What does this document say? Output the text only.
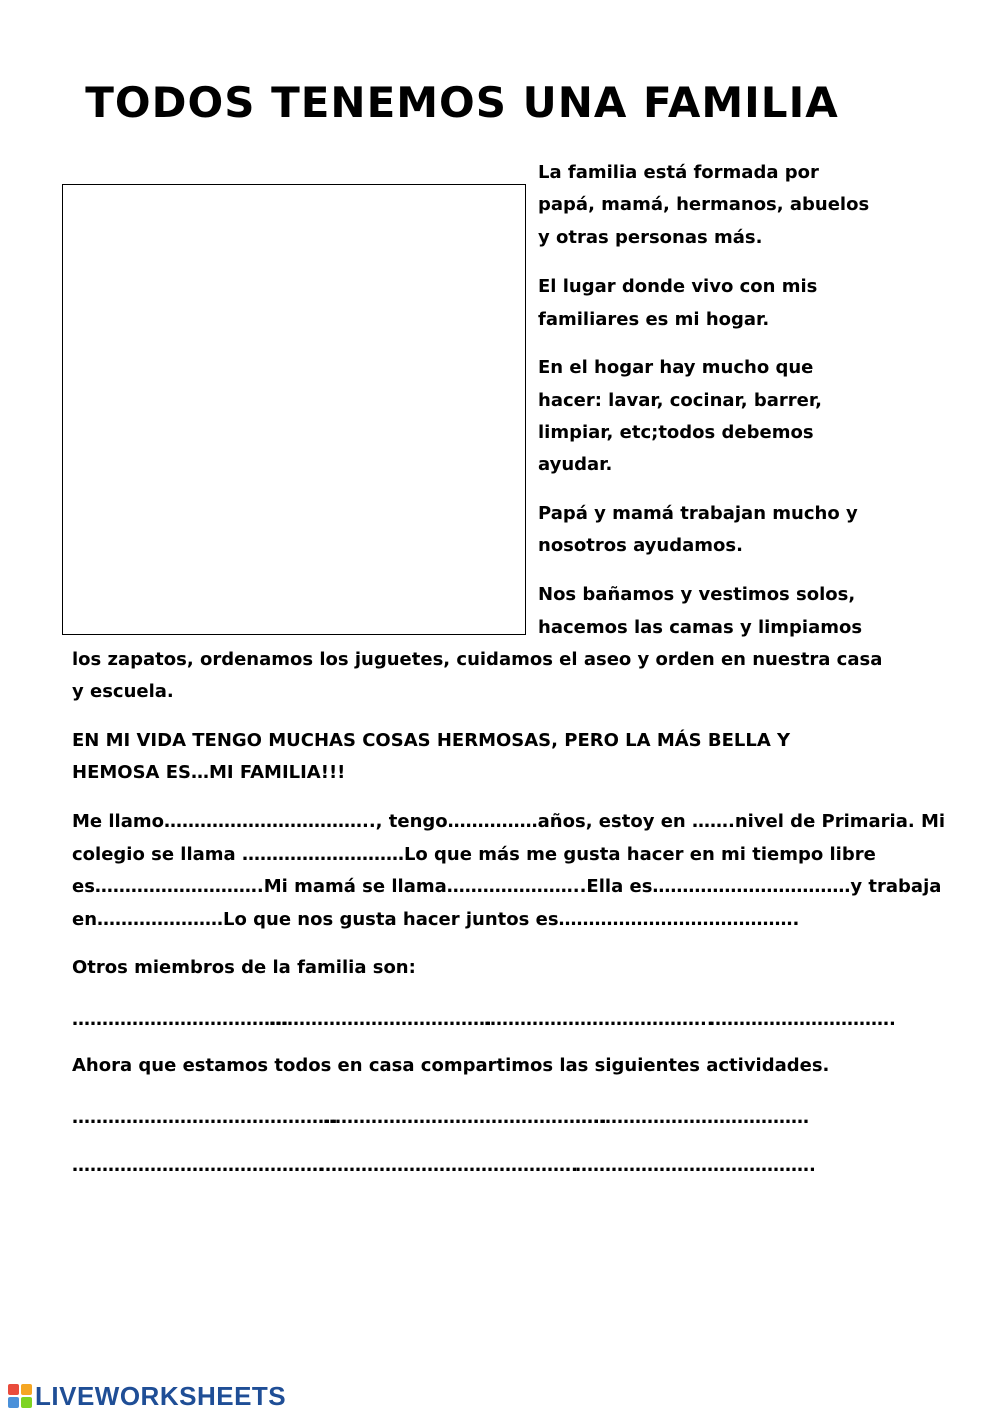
TODOS TENEMOS UNA FAMILIA
La familia está formada por
papá, mamá, hermanos, abuelos
y otras personas más.
El lugar donde vivo con mis
familiares es mi hogar.
En el hogar hay mucho que
hacer: lavar, cocinar, barrer,
limpiar, etc;todos debemos
ayudar.
Papá y mamá trabajan mucho y
nosotros ayudamos.
Nos bañamos y vestimos solos,
hacemos las camas y limpiamos
los zapatos, ordenamos los juguetes, cuidamos el aseo y orden en nuestra casa
y escuela.
EN MI VIDA TENGO MUCHAS COSAS HERMOSAS, PERO LA MÁS BELLA Y
HEMOSA ES…MI FAMILIA!!!
Me llamo…………………………….., tengo……………años, estoy en …….nivel de Primaria. Mi
colegio se llama ………………………Lo que más me gusta hacer en mi tiempo libre
es……………………….Mi mamá se llama…………………..Ella es……………………………y trabaja
en…………………Lo que nos gusta hacer juntos es………………………………….
Otros miembros de la familia son:
………………………………
……………………………….
………………………………..
………………………….
Ahora que estamos todos en casa compartimos las siguientes actividades.
……………………………………..
………………………………………..
…………………………………
……………………………………
…………………………………….
………………………………….
LIVEWORKSHEETS
